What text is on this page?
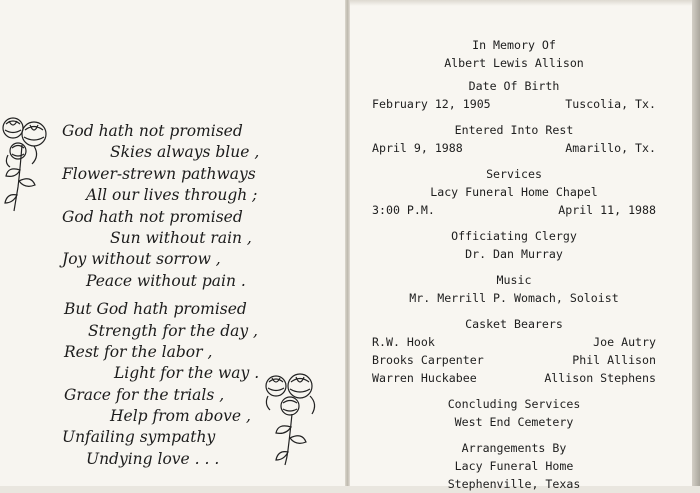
God hath not promised
Skies always blue ,
Flower-strewn pathways
All our lives through ;
God hath not promised
Sun without rain ,
Joy without sorrow ,
Peace without pain .
But God hath promised
Strength for the day ,
Rest for the labor ,
Light for the way .
Grace for the trials ,
Help from above ,
Unfailing sympathy
Undying love . . .
In Memory Of
Albert Lewis Allison
Date Of Birth
February 12, 1905	Tuscolia, Tx.
Entered Into Rest
April 9, 1988	Amarillo, Tx.
Services
Lacy Funeral Home Chapel
3:00 P.M.	April 11, 1988
Officiating Clergy
Dr. Dan Murray
Music
Mr. Merrill P. Womach, Soloist
Casket Bearers
R.W. Hook	Joe Autry
Brooks Carpenter	Phil Allison
Warren Huckabee	Allison Stephens
Concluding Services
West End Cemetery
Arrangements By
Lacy Funeral Home
Stephenville, Texas
